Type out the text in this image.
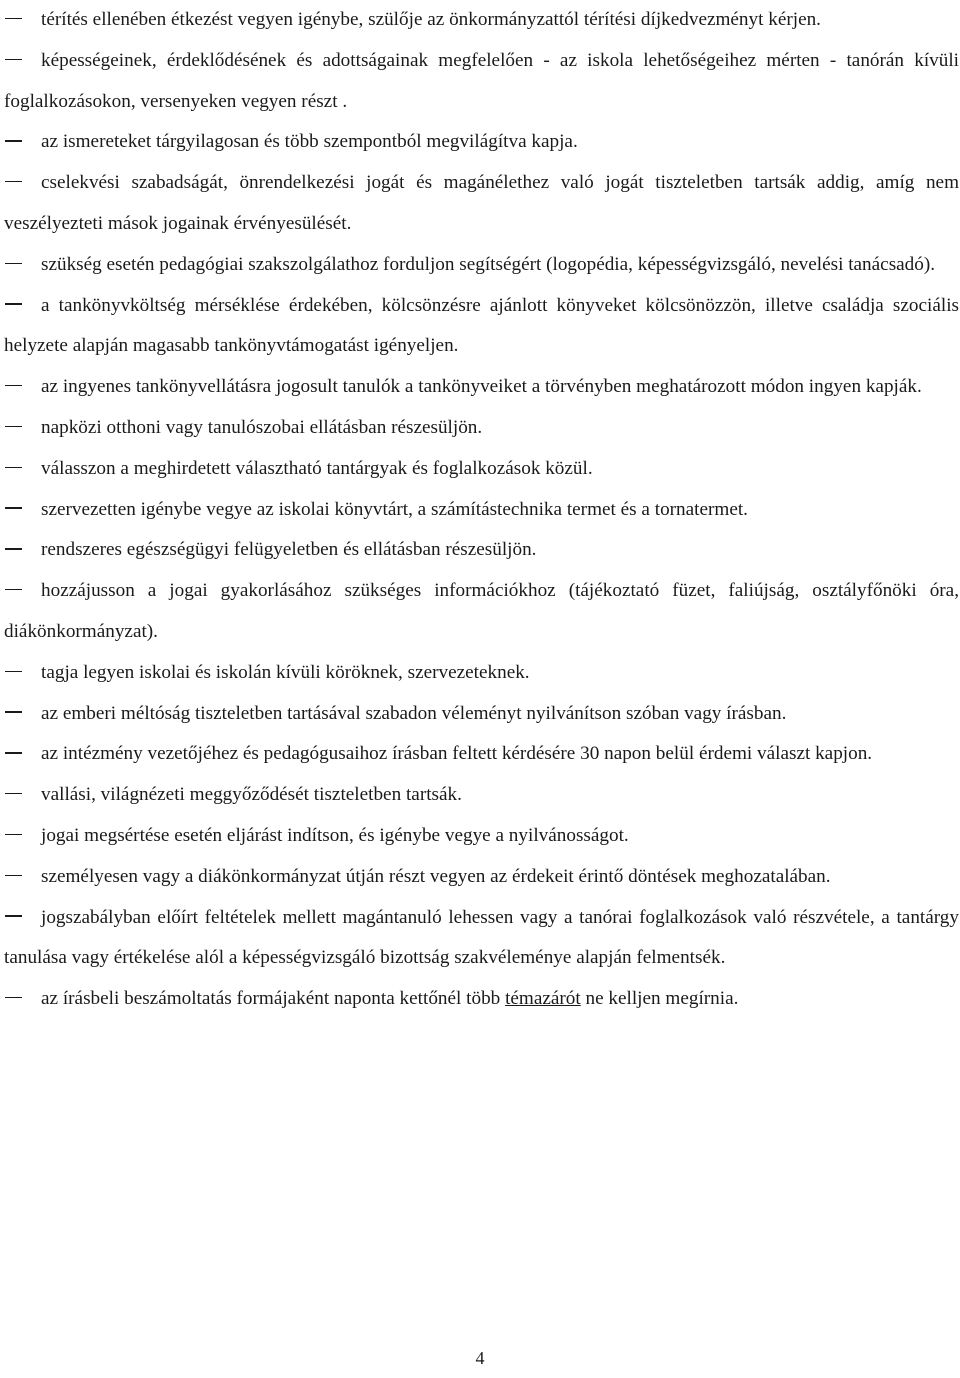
térítés ellenében étkezést vegyen igénybe, szülője az önkormányzattól térítési díjkedvezményt kérjen.

képességeinek, érdeklődésének és adottságainak megfelelően - az iskola lehetőségeihez mérten - tanórán kívüli foglalkozásokon, versenyeken vegyen részt .

az ismereteket tárgyilagosan és több szempontból megvilágítva kapja.

cselekvési szabadságát, önrendelkezési jogát és magánélethez való jogát tiszteletben tartsák addig, amíg nem veszélyezteti mások jogainak érvényesülését.

szükség esetén pedagógiai szakszolgálathoz forduljon segítségért (logopédia, képességvizsgáló, nevelési tanácsadó).

a tankönyvköltség mérséklése érdekében, kölcsönzésre ajánlott könyveket kölcsönözzön, illetve családja szociális helyzete alapján magasabb tankönyvtámogatást igényeljen.

az ingyenes tankönyvellátásra jogosult tanulók a tankönyveiket a törvényben meghatározott módon ingyen kapják.

napközi otthoni vagy tanulószobai ellátásban részesüljön.

válasszon a meghirdetett választható tantárgyak és foglalkozások közül.

szervezetten igénybe vegye az iskolai könyvtárt, a számítástechnika termet és a tornatermet.

rendszeres egészségügyi felügyeletben és ellátásban részesüljön.

hozzájusson a jogai gyakorlásához szükséges információkhoz (tájékoztató füzet, faliújság, osztályfőnöki óra, diákönkormányzat).

tagja legyen iskolai és iskolán kívüli köröknek, szervezeteknek.

az emberi méltóság tiszteletben tartásával szabadon véleményt nyilvánítson szóban vagy írásban.

az intézmény vezetőjéhez és pedagógusaihoz írásban feltett kérdésére 30 napon belül érdemi választ kapjon.

vallási, világnézeti meggyőződését tiszteletben tartsák.

jogai megsértése esetén eljárást indítson, és igénybe vegye a nyilvánosságot.

személyesen vagy a diákönkormányzat útján részt vegyen az érdekeit érintő döntések meghozatalában.

jogszabályban előírt feltételek mellett magántanuló lehessen vagy a tanórai foglalkozások való részvétele, a tantárgy tanulása vagy értékelése alól a képességvizsgáló bizottság szakvéleménye alapján felmentsék.

az írásbeli beszámoltatás formájaként naponta kettőnél több témazárót ne kelljen megírnia.

4
